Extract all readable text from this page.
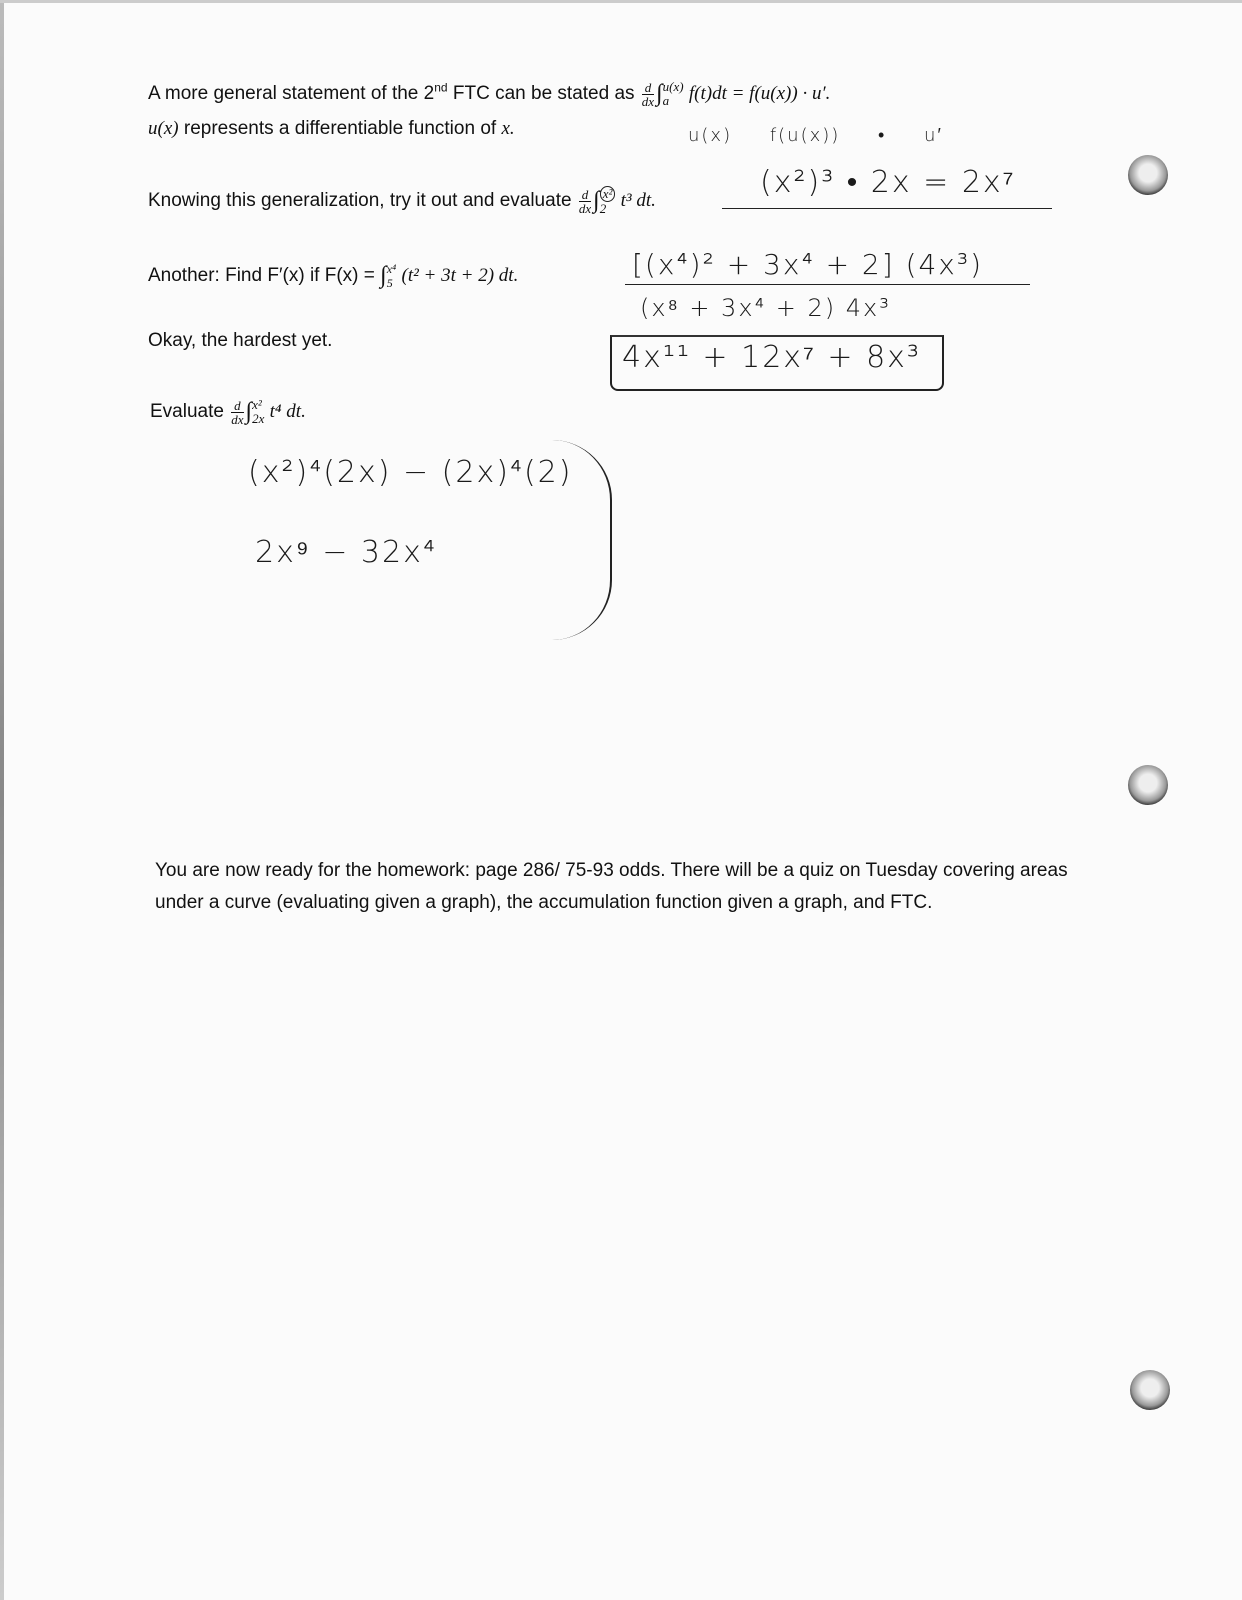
A more general statement of the 2nd FTC can be stated as $\frac{d}{dx}\int$ u(x)
a	f(t)dt = f(u(x)) · u′.
u(x) represents a differentiable function of x.	u(x) f(u(x)) • u′
Knowing this generalization, try it out and evaluate $\frac{d}{dx}\int \frac{\text{x²}}{2} t^3$ dt.
(x²)³ • 2x = 2x⁷
Another: Find F′(x) if F(x) = ∫ x⁴
5 (t² + 3t + 2) dt.	[(x⁴)² + 3x⁴ + 2] (4x³)
(x⁸ + 3x⁴ + 2) 4x³
4x¹¹ + 12x⁷ + 8x³
Okay, the hardest yet.
Evaluate $\frac{d}{dx}\int$ x²
2x t⁴ dt.
(x²)⁴(2x) − (2x)⁴(2)
2x⁹ − 32x⁴
You are now ready for the homework: page 286/ 75-93 odds. There will be a quiz on Tuesday covering areas
under a curve (evaluating given a graph), the accumulation function given a graph, and FTC.
